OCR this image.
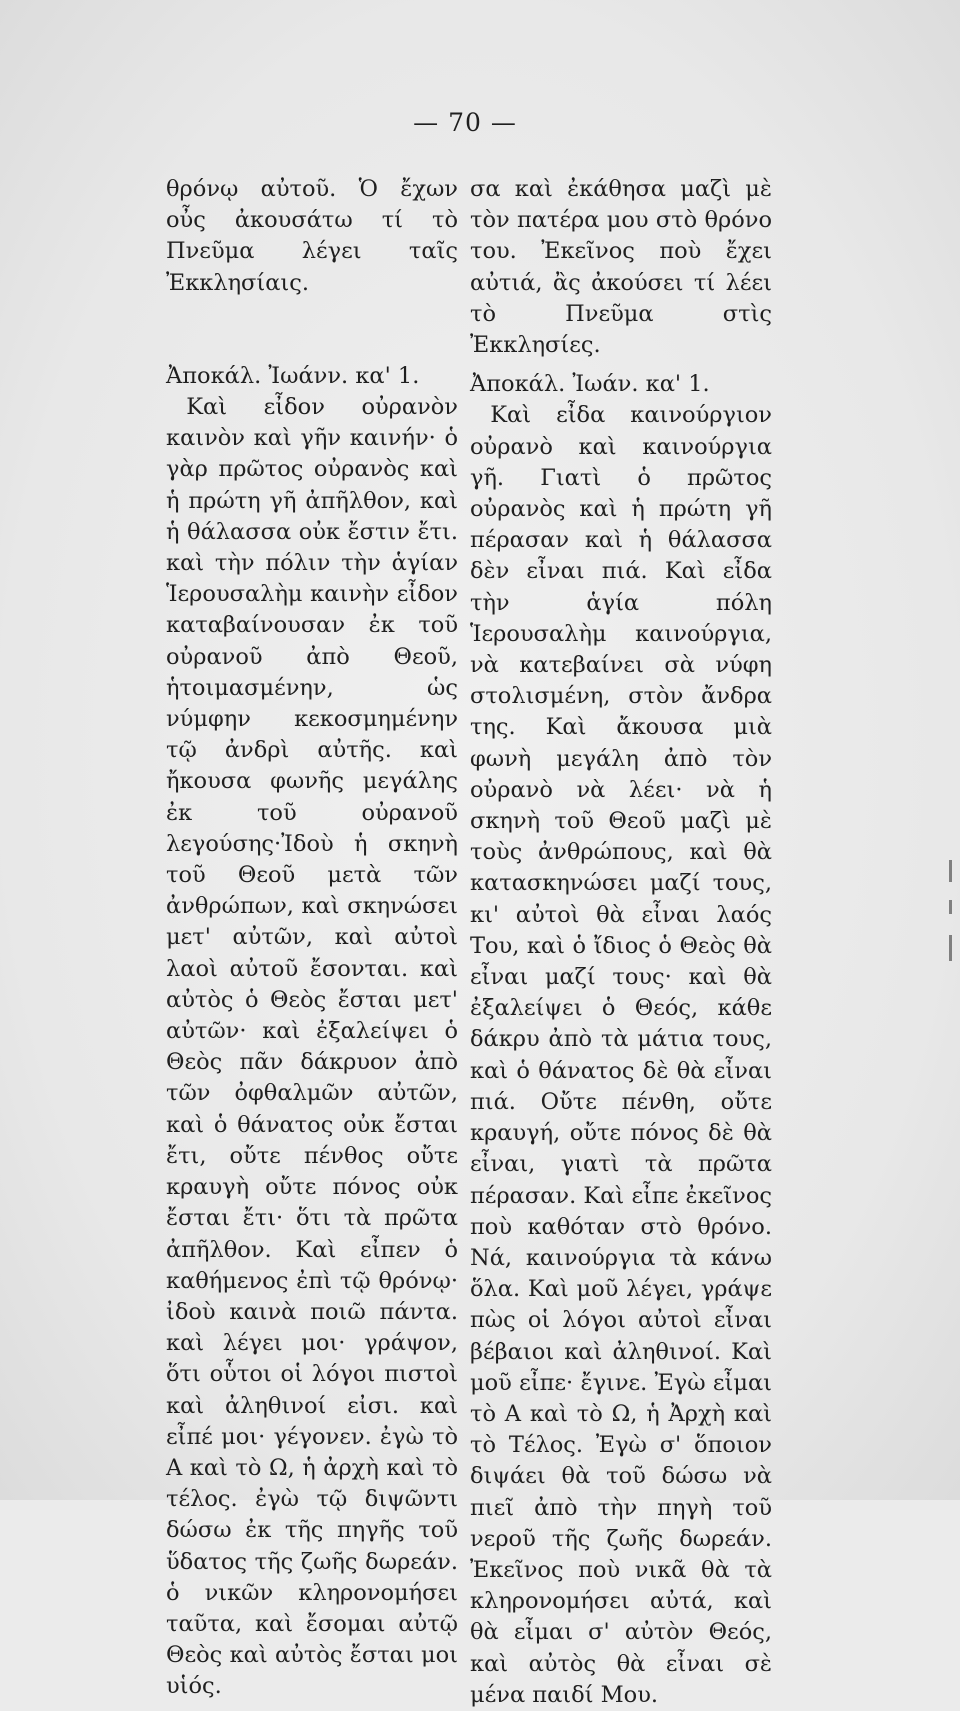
— 70 —

θρόνῳ αὐτοῦ. Ὁ ἔχων οὖς ἀκουσάτω τί τὸ Πνεῦμα λέγει ταῖς Ἐκκλησίαις.

Ἀποκάλ. Ἰωάνν. κα' 1.

Καὶ εἶδον οὐρανὸν καινὸν καὶ γῆν καινήν· ὁ γὰρ πρῶτος οὐρανὸς καὶ ἡ πρώτη γῆ ἀπῆλθον, καὶ ἡ θάλασσα οὐκ ἔστιν ἔτι. καὶ τὴν πόλιν τὴν ἁγίαν Ἱερουσαλὴμ καινὴν εἶδον καταβαίνουσαν ἐκ τοῦ οὐρανοῦ ἀπὸ Θεοῦ, ἡτοιμασμένην, ὡς νύμφην κεκοσμημένην τῷ ἀνδρὶ αὐτῆς. καὶ ἤκουσα φωνῆς μεγάλης ἐκ τοῦ οὐρανοῦ λεγούσης·Ἰδοὺ ἡ σκηνὴ τοῦ Θεοῦ μετὰ τῶν ἀνθρώπων, καὶ σκηνώσει μετ' αὐτῶν, καὶ αὐτοὶ λαοὶ αὐτοῦ ἔσονται. καὶ αὐτὸς ὁ Θεὸς ἔσται μετ' αὐτῶν· καὶ ἐξαλείψει ὁ Θεὸς πᾶν δάκρυον ἀπὸ τῶν ὀφθαλμῶν αὐτῶν, καὶ ὁ θάνατος οὐκ ἔσται ἔτι, οὔτε πένθος οὔτε κραυγὴ οὔτε πόνος οὐκ ἔσται ἔτι· ὅτι τὰ πρῶτα ἀπῆλθον. Καὶ εἶπεν ὁ καθήμενος ἐπὶ τῷ θρόνῳ· ἰδοὺ καινὰ ποιῶ πάντα. καὶ λέγει μοι· γράψον, ὅτι οὗτοι οἱ λόγοι πιστοὶ καὶ ἀληθινοί εἰσι. καὶ εἶπέ μοι· γέγονεν. ἐγὼ τὸ Α καὶ τὸ Ω, ἡ ἀρχὴ καὶ τὸ τέλος. ἐγὼ τῷ διψῶντι δώσω ἐκ τῆς πηγῆς τοῦ ὕδατος τῆς ζωῆς δωρεάν. ὁ νικῶν κληρονομήσει ταῦτα, καὶ ἔσομαι αὐτῷ Θεὸς καὶ αὐτὸς ἔσται μοι υἱός.

σα καὶ ἐκάθησα μαζὶ μὲ τὸν πατέρα μου στὸ θρόνο του. Ἐκεῖνος ποὺ ἔχει αὐτιά, ἂς ἀκούσει τί λέει τὸ Πνεῦμα στὶς Ἐκκλησίες.

Ἀποκάλ. Ἰωάν. κα' 1.

Καὶ εἶδα καινούργιον οὐρανὸ καὶ καινούργια γῆ. Γιατὶ ὁ πρῶτος οὐρανὸς καὶ ἡ πρώτη γῆ πέρασαν καὶ ἡ θάλασσα δὲν εἶναι πιά. Καὶ εἶδα τὴν ἁγία πόλη Ἱερουσαλὴμ καινούργια, νὰ κατεβαίνει σὰ νύφη στολισμένη, στὸν ἄνδρα της. Καὶ ἄκουσα μιὰ φωνὴ μεγάλη ἀπὸ τὸν οὐρανὸ νὰ λέει· νὰ ἡ σκηνὴ τοῦ Θεοῦ μαζὶ μὲ τοὺς ἀνθρώπους, καὶ θὰ κατασκηνώσει μαζί τους, κι' αὐτοὶ θὰ εἶναι λαός Του, καὶ ὁ ἴδιος ὁ Θεὸς θὰ εἶναι μαζί τους· καὶ θὰ ἐξαλείψει ὁ Θεός, κάθε δάκρυ ἀπὸ τὰ μάτια τους, καὶ ὁ θάνατος δὲ θὰ εἶναι πιά. Οὔτε πένθη, οὔτε κραυγή, οὔτε πόνος δὲ θὰ εἶναι, γιατὶ τὰ πρῶτα πέρασαν. Καὶ εἶπε ἐκεῖνος ποὺ καθόταν στὸ θρόνο. Νά, καινούργια τὰ κάνω ὅλα. Καὶ μοῦ λέγει, γράψε πὼς οἱ λόγοι αὐτοὶ εἶναι βέβαιοι καὶ ἀληθινοί. Καὶ μοῦ εἶπε· ἔγινε. Ἐγὼ εἶμαι τὸ Α καὶ τὸ Ω, ἡ Ἀρχὴ καὶ τὸ Τέλος. Ἐγὼ σ' ὅποιον διψάει θὰ τοῦ δώσω νὰ πιεῖ ἀπὸ τὴν πηγὴ τοῦ νεροῦ τῆς ζωῆς δωρεάν. Ἐκεῖνος ποὺ νικᾶ θὰ τὰ κληρονομήσει αὐτά, καὶ θὰ εἶμαι σ' αὐτὸν Θεός, καὶ αὐτὸς θὰ εἶναι σὲ μένα παιδί Μου.
